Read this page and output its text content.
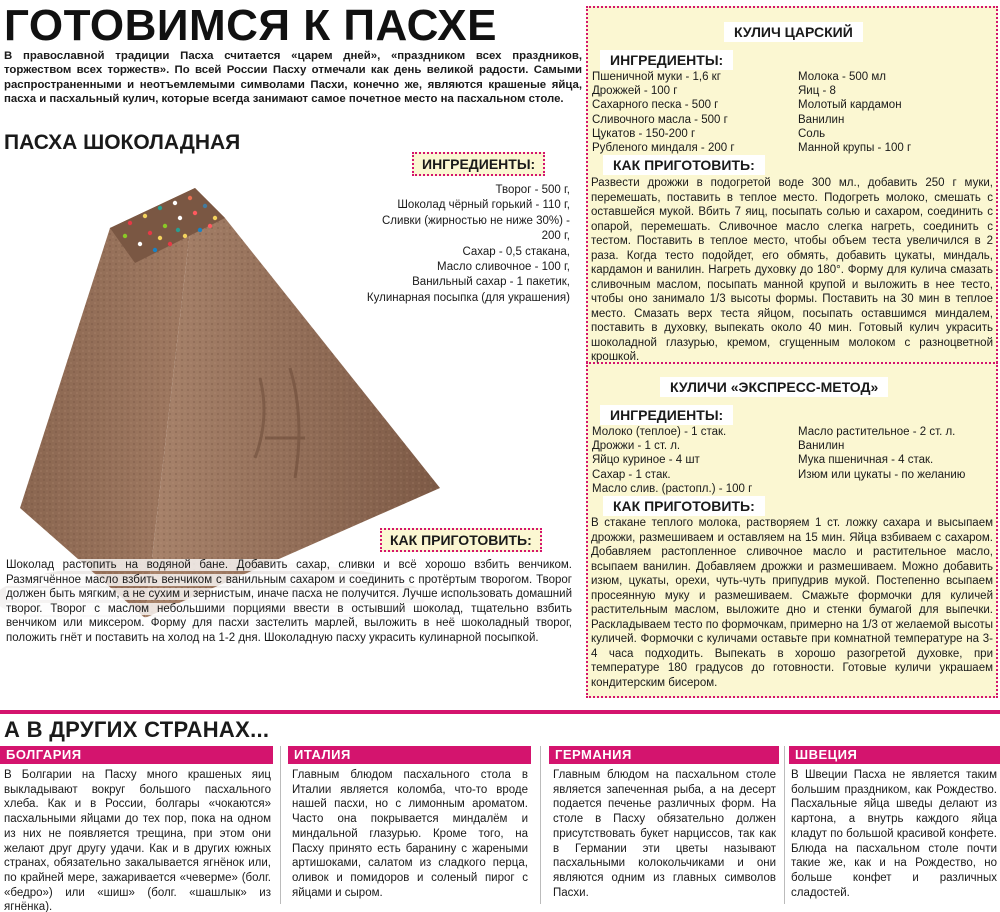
ГОТОВИМСЯ К ПАСХЕ
В православной традиции Пасха считается «царем дней», «праздником всех праздников, торжеством всех торжеств». По всей России Пасху отмечали как день великой радости. Самыми распространенными и неотъемлемыми символами Пасхи, конечно же, являются крашеные яйца, пасха и пасхальный кулич, которые всегда занимают самое почетное место на пасхальном столе.
ПАСХА ШОКОЛАДНАЯ
ИНГРЕДИЕНТЫ:
Творог - 500 г,
Шоколад чёрный горький - 110 г,
Сливки (жирностью не ниже 30%) -
200 г,
Сахар - 0,5 стакана,
Масло сливочное - 100 г,
Ванильный сахар - 1 пакетик,
Кулинарная посыпка (для украшения)
КАК ПРИГОТОВИТЬ:
Шоколад растопить на водяной бане. Добавить сахар, сливки и всё хорошо взбить венчиком. Размягчённое масло взбить венчиком с ванильным сахаром и соединить с протёртым творогом. Творог должен быть мягким, а не сухим и зернистым, иначе пасха не получится. Лучше использовать домашний творог. Творог с маслом небольшими порциями ввести в остывший шоколад, тщательно взбить венчиком или миксером. Форму для пасхи застелить марлей, выложить в неё шоколадный творог, положить гнёт и поставить на холод на 1-2 дня. Шоколадную пасху украсить кулинарной посыпкой.
КУЛИЧ ЦАРСКИЙ
ИНГРЕДИЕНТЫ:
Пшеничной муки - 1,6 кг
Дрожжей - 100 г
Сахарного песка - 500 г
Сливочного масла - 500 г
Цукатов - 150-200 г
Рубленого миндаля - 200 г
Молока - 500 мл
Яиц - 8
Молотый кардамон
Ванилин
Соль
Манной крупы - 100 г
КАК ПРИГОТОВИТЬ:
Развести дрожжи в подогретой воде 300 мл., добавить 250 г муки, перемешать, поставить в теплое место. Подогреть молоко, смешать с оставшейся мукой. Вбить 7 яиц, посыпать солью и сахаром, соединить с опарой, перемешать. Сливочное масло слегка нагреть, соединить с тестом. Поставить в теплое место, чтобы объем теста увеличился в 2 раза. Когда тесто подойдет, его обмять, добавить цукаты, миндаль, кардамон и ванилин. Нагреть духовку до 180°. Форму для кулича смазать сливочным маслом, посыпать манной крупой и выложить в нее тесто, чтобы оно занимало 1/3 высоты формы. Поставить на 30 мин в теплое место. Смазать верх теста яйцом, посыпать оставшимся миндалем, поставить в духовку, выпекать около 40 мин. Готовый кулич украсить шоколадной глазурью, кремом, сгущенным молоком с разноцветной крошкой.
КУЛИЧИ «ЭКСПРЕСС-МЕТОД»
ИНГРЕДИЕНТЫ:
Молоко (теплое) - 1 стак.
Дрожжи - 1 ст. л.
Яйцо куриное - 4 шт
Сахар - 1 стак.
Масло слив. (растопл.) - 100 г
Масло растительное - 2 ст. л.
Ванилин
Мука пшеничная - 4 стак.
Изюм или цукаты - по желанию
КАК ПРИГОТОВИТЬ:
В стакане теплого молока, растворяем 1 ст. ложку сахара и высыпаем дрожжи, размешиваем и оставляем на 15 мин. Яйца взбиваем с сахаром. Добавляем растопленное сливочное масло и растительное масло, всыпаем ванилин. Добавляем дрожжи и размешиваем. Можно добавить изюм, цукаты, орехи, чуть-чуть припудрив мукой. Постепенно всыпаем просеянную муку и размешиваем. Смажьте формочки для куличей растительным маслом, выложите дно и стенки бумагой для выпечки. Раскладываем тесто по формочкам, примерно на 1/3 от желаемой высоты куличей. Формочки с куличами оставьте при комнатной температуре на 3-4 часа подходить. Выпекать в хорошо разогретой духовке, при температуре 180 градусов до готовности. Готовые куличи украшаем кондитерским бисером.
А В ДРУГИХ СТРАНАХ...
БОЛГАРИЯ
В Болгарии на Пасху много крашеных яиц выкладывают вокруг большого пасхального хлеба. Как и в России, болгары «чокаются» пасхальными яйцами до тех пор, пока на одном из них не появляется трещина, при этом они желают друг другу удачи. Как и в других южных странах, обязательно закалывается ягнёнок или, по крайней мере, зажаривается «чеверме» (болг. «бедро») или «шиш» (болг. «шашлык» из ягнёнка).
ИТАЛИЯ
Главным блюдом пасхального стола в Италии является коломба, что-то вроде нашей пасхи, но с лимонным ароматом. Часто она покрывается миндалём и миндальной глазурью. Кроме того, на Пасху принято есть баранину с жареными артишоками, салатом из сладкого перца, оливок и помидоров и соленый пирог с яйцами и сыром.
ГЕРМАНИЯ
Главным блюдом на пасхальном столе является запеченная рыба, а на десерт подается печенье различных форм. На столе в Пасху обязательно должен присутствовать букет нарциссов, так как в Германии эти цветы называют пасхальными колокольчиками и они являются одним из главных символов Пасхи.
ШВЕЦИЯ
В Швеции Пасха не является таким большим праздником, как Рождество. Пасхальные яйца шведы делают из картона, а внутрь каждого яйца кладут по большой красивой конфете. Блюда на пасхальном столе почти такие же, как и на Рождество, но больше конфет и различных сладостей.
